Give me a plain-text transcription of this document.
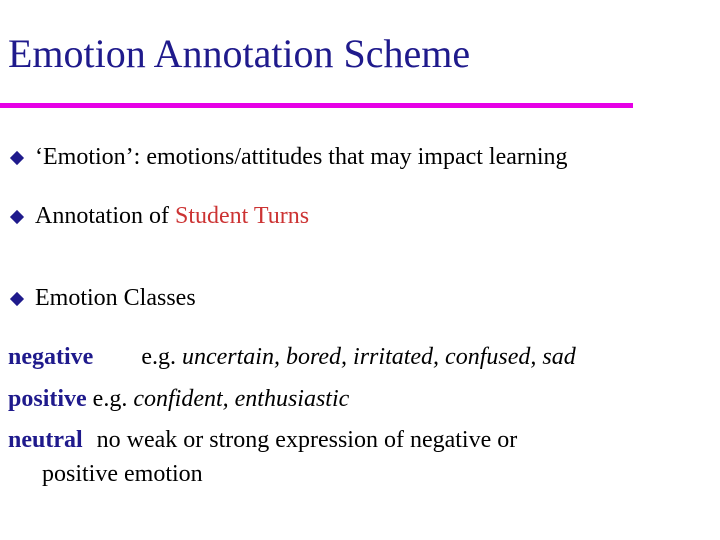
Emotion Annotation Scheme
‘Emotion’: emotions/attitudes that may impact learning
Annotation of Student Turns
Emotion Classes
negative e.g. uncertain, bored, irritated, confused, sad
positive e.g. confident, enthusiastic
neutral no weak or strong expression of negative or
positive emotion
